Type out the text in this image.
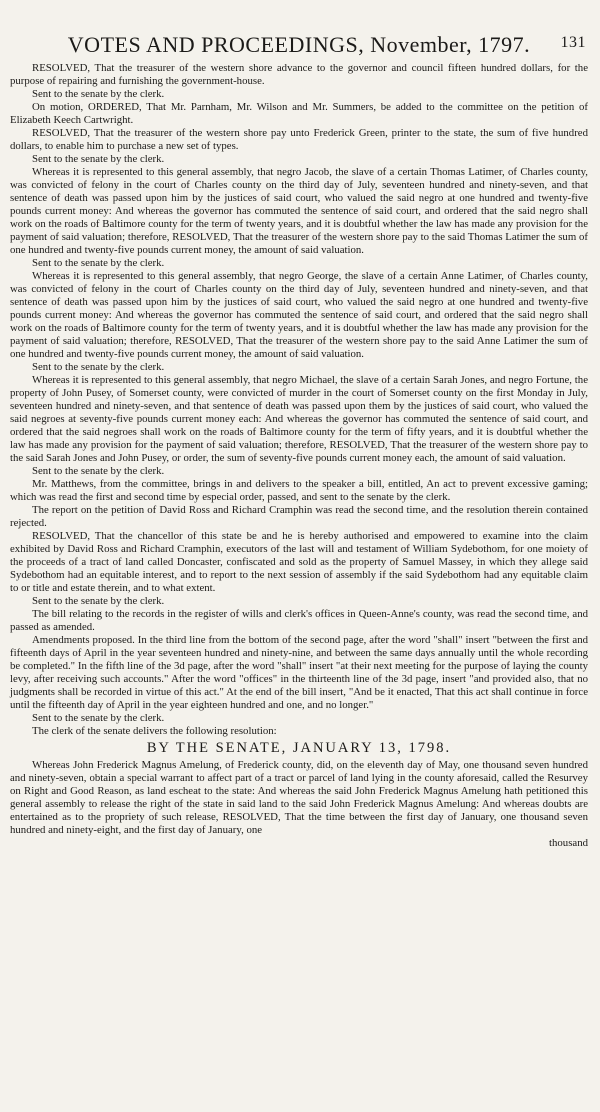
VOTES AND PROCEEDINGS, November, 1797. 131

RESOLVED, That the treasurer of the western shore advance to the governor and council fifteen hundred dollars, for the purpose of repairing and furnishing the government-house.

Sent to the senate by the clerk.

On motion, ORDERED, That Mr. Parnham, Mr. Wilson and Mr. Summers, be added to the committee on the petition of Elizabeth Keech Cartwright.

RESOLVED, That the treasurer of the western shore pay unto Frederick Green, printer to the state, the sum of five hundred dollars, to enable him to purchase a new set of types.

Sent to the senate by the clerk.

Whereas it is represented to this general assembly, that negro Jacob, the slave of a certain Thomas Latimer, of Charles county, was convicted of felony in the court of Charles county on the third day of July, seventeen hundred and ninety-seven, and that sentence of death was passed upon him by the justices of said court, who valued the said negro at one hundred and twenty-five pounds current money: And whereas the governor has commuted the sentence of said court, and ordered that the said negro shall work on the roads of Baltimore county for the term of twenty years, and it is doubtful whether the law has made any provision for the payment of said valuation; therefore, RESOLVED, That the treasurer of the western shore pay to the said Thomas Latimer the sum of one hundred and twenty-five pounds current money, the amount of said valuation.

Sent to the senate by the clerk.

Whereas it is represented to this general assembly, that negro George, the slave of a certain Anne Latimer, of Charles county, was convicted of felony in the court of Charles county on the third day of July, seventeen hundred and ninety-seven, and that sentence of death was passed upon him by the justices of said court, who valued the said negro at one hundred and twenty-five pounds current money: And whereas the governor has commuted the sentence of said court, and ordered that the said negro shall work on the roads of Baltimore county for the term of twenty years, and it is doubtful whether the law has made any provision for the payment of said valuation; therefore, RESOLVED, That the treasurer of the western shore pay to the said Anne Latimer the sum of one hundred and twenty-five pounds current money, the amount of said valuation.

Sent to the senate by the clerk.

Whereas it is represented to this general assembly, that negro Michael, the slave of a certain Sarah Jones, and negro Fortune, the property of John Pusey, of Somerset county, were convicted of murder in the court of Somerset county on the first Monday in July, seventeen hundred and ninety-seven, and that sentence of death was passed upon them by the justices of said court, who valued the said negroes at seventy-five pounds current money each: And whereas the governor has commuted the sentence of said court, and ordered that the said negroes shall work on the roads of Baltimore county for the term of fifty years, and it is doubtful whether the law has made any provision for the payment of said valuation; therefore, RESOLVED, That the treasurer of the western shore pay to the said Sarah Jones and John Pusey, or order, the sum of seventy-five pounds current money each, the amount of said valuation.

Sent to the senate by the clerk.

Mr. Matthews, from the committee, brings in and delivers to the speaker a bill, entitled, An act to prevent excessive gaming; which was read the first and second time by especial order, passed, and sent to the senate by the clerk.

The report on the petition of David Ross and Richard Cramphin was read the second time, and the resolution therein contained rejected.

RESOLVED, That the chancellor of this state be and he is hereby authorised and empowered to examine into the claim exhibited by David Ross and Richard Cramphin, executors of the last will and testament of William Sydebothom, for one moiety of the proceeds of a tract of land called Doncaster, confiscated and sold as the property of Samuel Massey, in which they allege said Sydebothom had an equitable interest, and to report to the next session of assembly if the said Sydebothom had any equitable claim to or title and estate therein, and to what extent.

Sent to the senate by the clerk.

The bill relating to the records in the register of wills and clerk's offices in Queen-Anne's county, was read the second time, and passed as amended.

Amendments proposed. In the third line from the bottom of the second page, after the word "shall" insert "between the first and fifteenth days of April in the year seventeen hundred and ninety-nine, and between the same days annually until the whole recording be completed." In the fifth line of the 3d page, after the word "shall" insert "at their next meeting for the purpose of laying the county levy, after receiving such accounts." After the word "offices" in the thirteenth line of the 3d page, insert "and provided also, that no judgments shall be recorded in virtue of this act." At the end of the bill insert, "And be it enacted, That this act shall continue in force until the fifteenth day of April in the year eighteen hundred and one, and no longer."

Sent to the senate by the clerk.

The clerk of the senate delivers the following resolution:

BY THE SENATE, JANUARY 13, 1798.

Whereas John Frederick Magnus Amelung, of Frederick county, did, on the eleventh day of May, one thousand seven hundred and ninety-seven, obtain a special warrant to affect part of a tract or parcel of land lying in the county aforesaid, called the Resurvey on Right and Good Reason, as land escheat to the state: And whereas the said John Frederick Magnus Amelung hath petitioned this general assembly to release the right of the state in said land to the said John Frederick Magnus Amelung: And whereas doubts are entertained as to the propriety of such release, RESOLVED, That the time between the first day of January, one thousand seven hundred and ninety-eight, and the first day of January, one

thousand
